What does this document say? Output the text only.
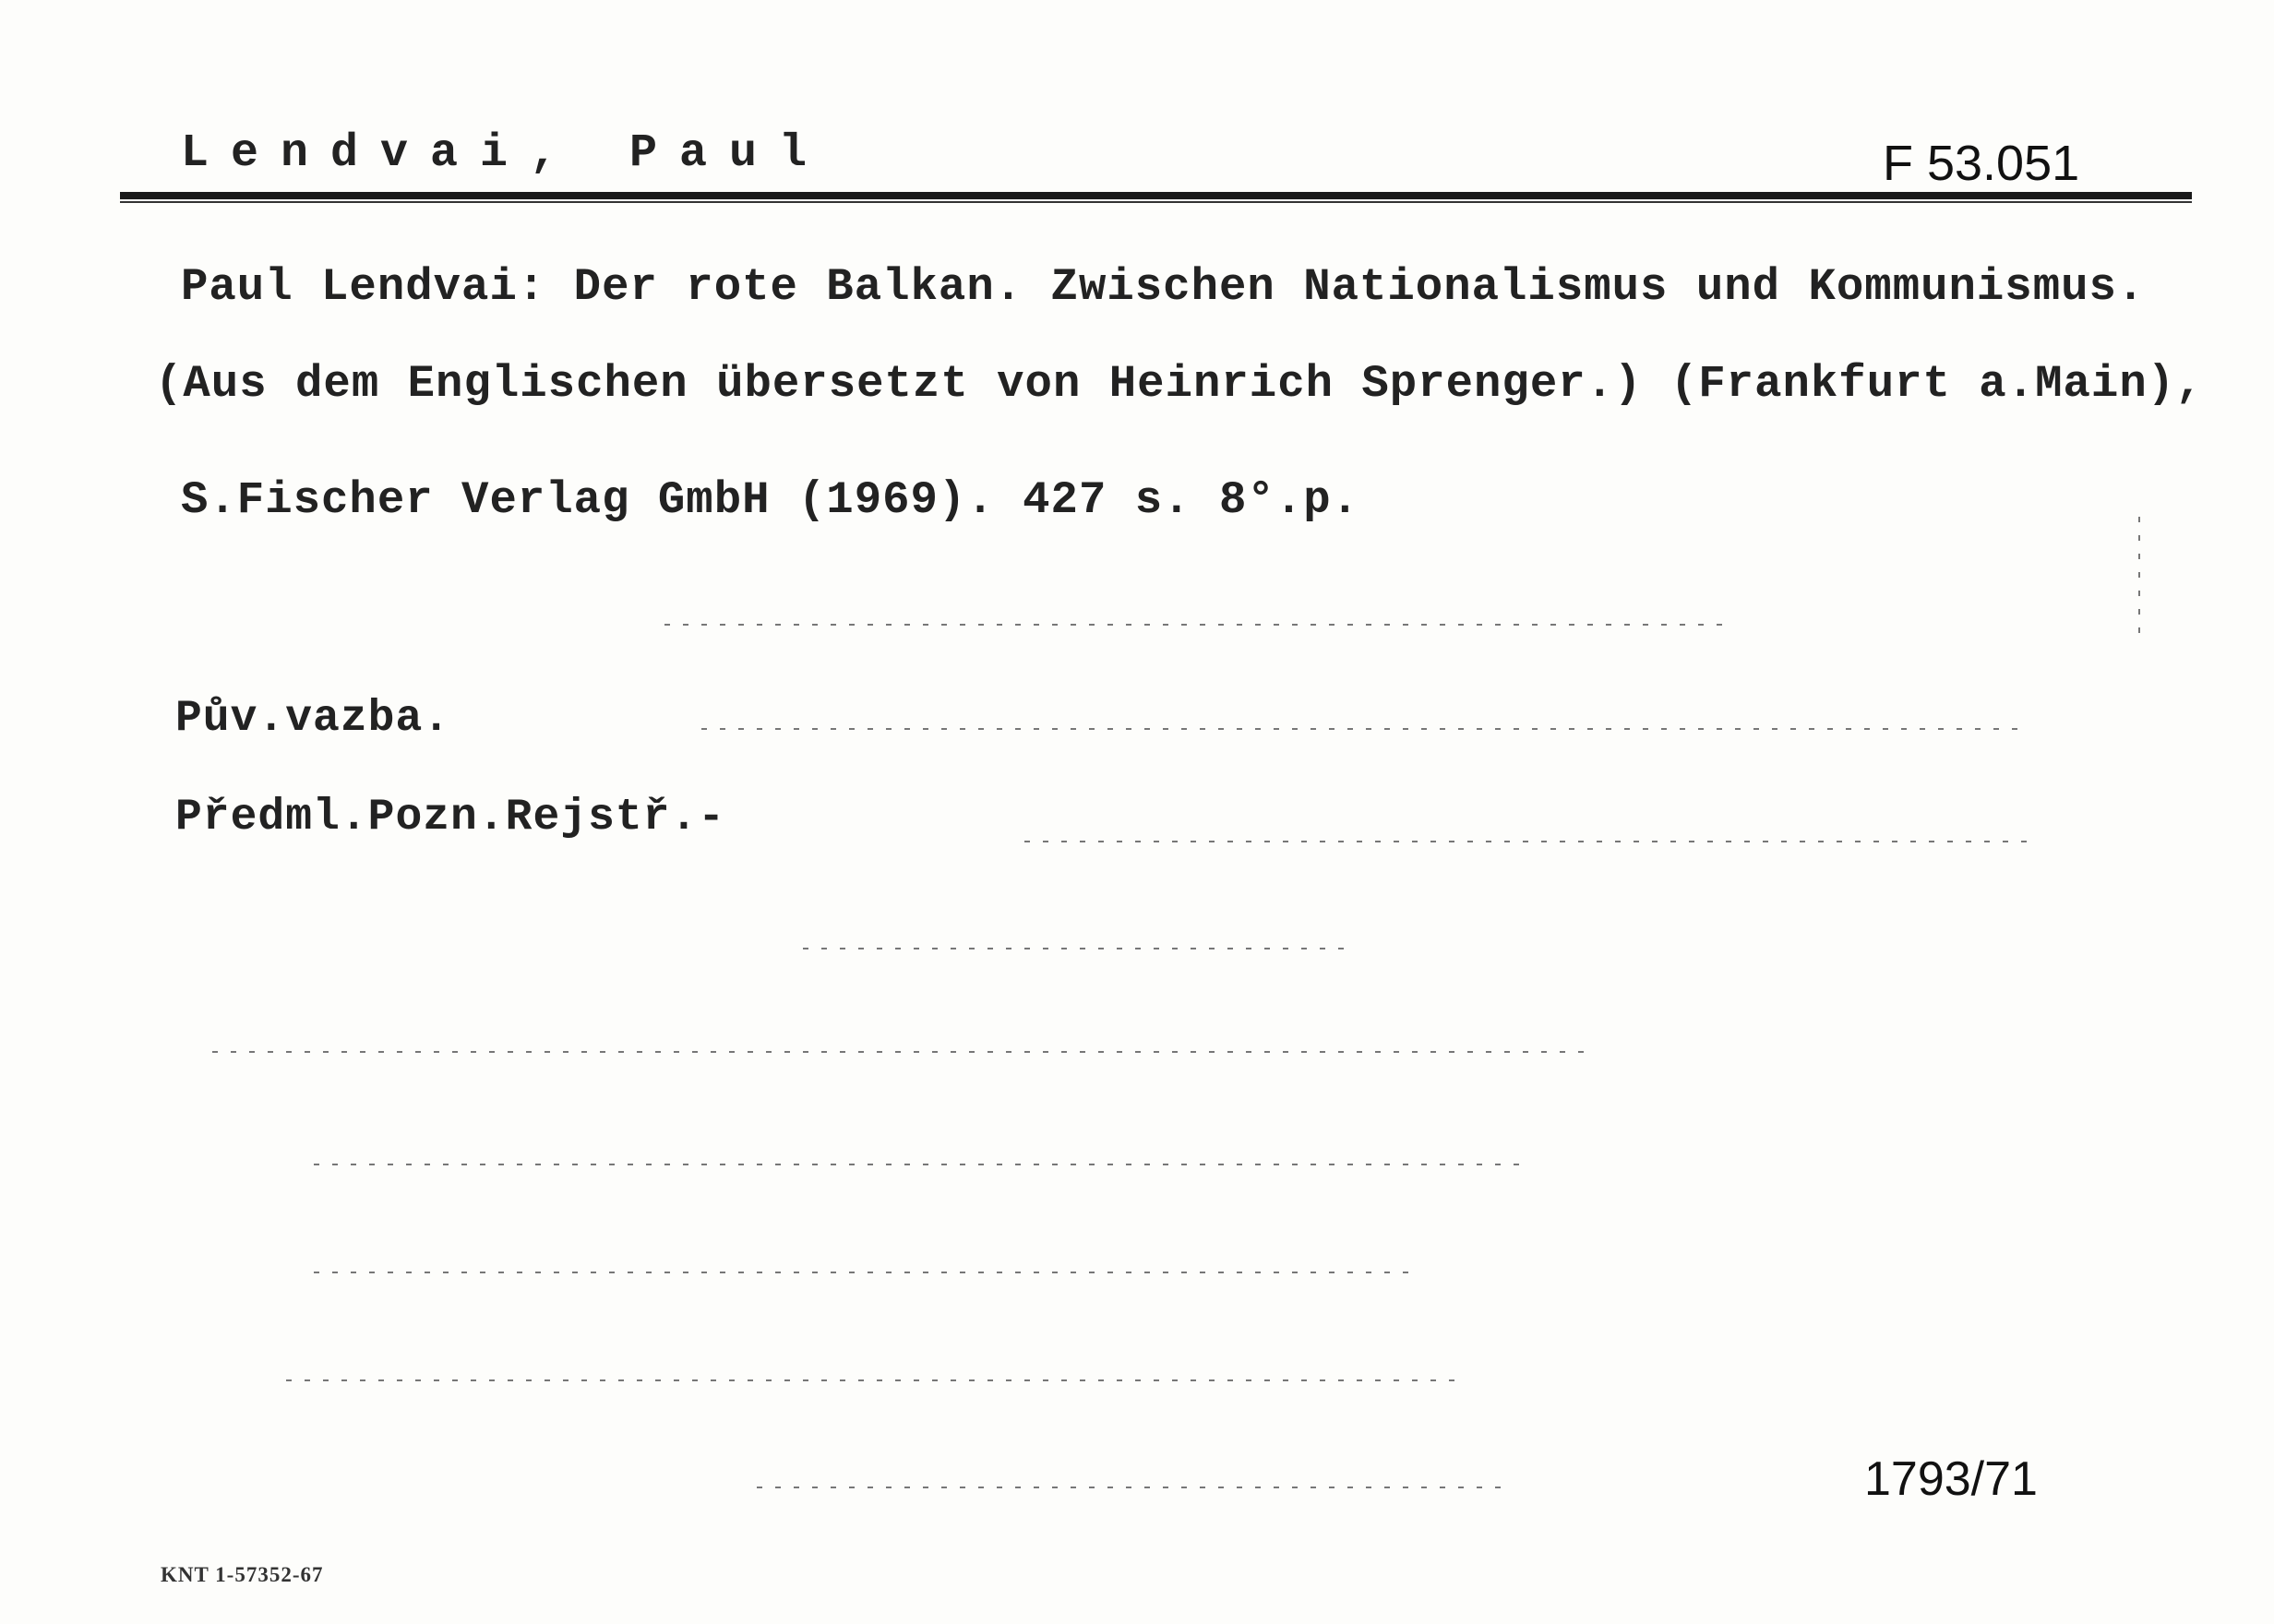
Lendvai, Paul	F 53.051
Paul Lendvai: Der rote Balkan. Zwischen Nationalismus und Kommunismus.
(Aus dem Englischen übersetzt von Heinrich Sprenger.) (Frankfurt a.Main),
S.Fischer Verlag GmbH (1969). 427 s. 8°.p.
Pův.vazba.
Předml.Pozn.Rejstř.-
1793/71
KNT 1-57352-67
